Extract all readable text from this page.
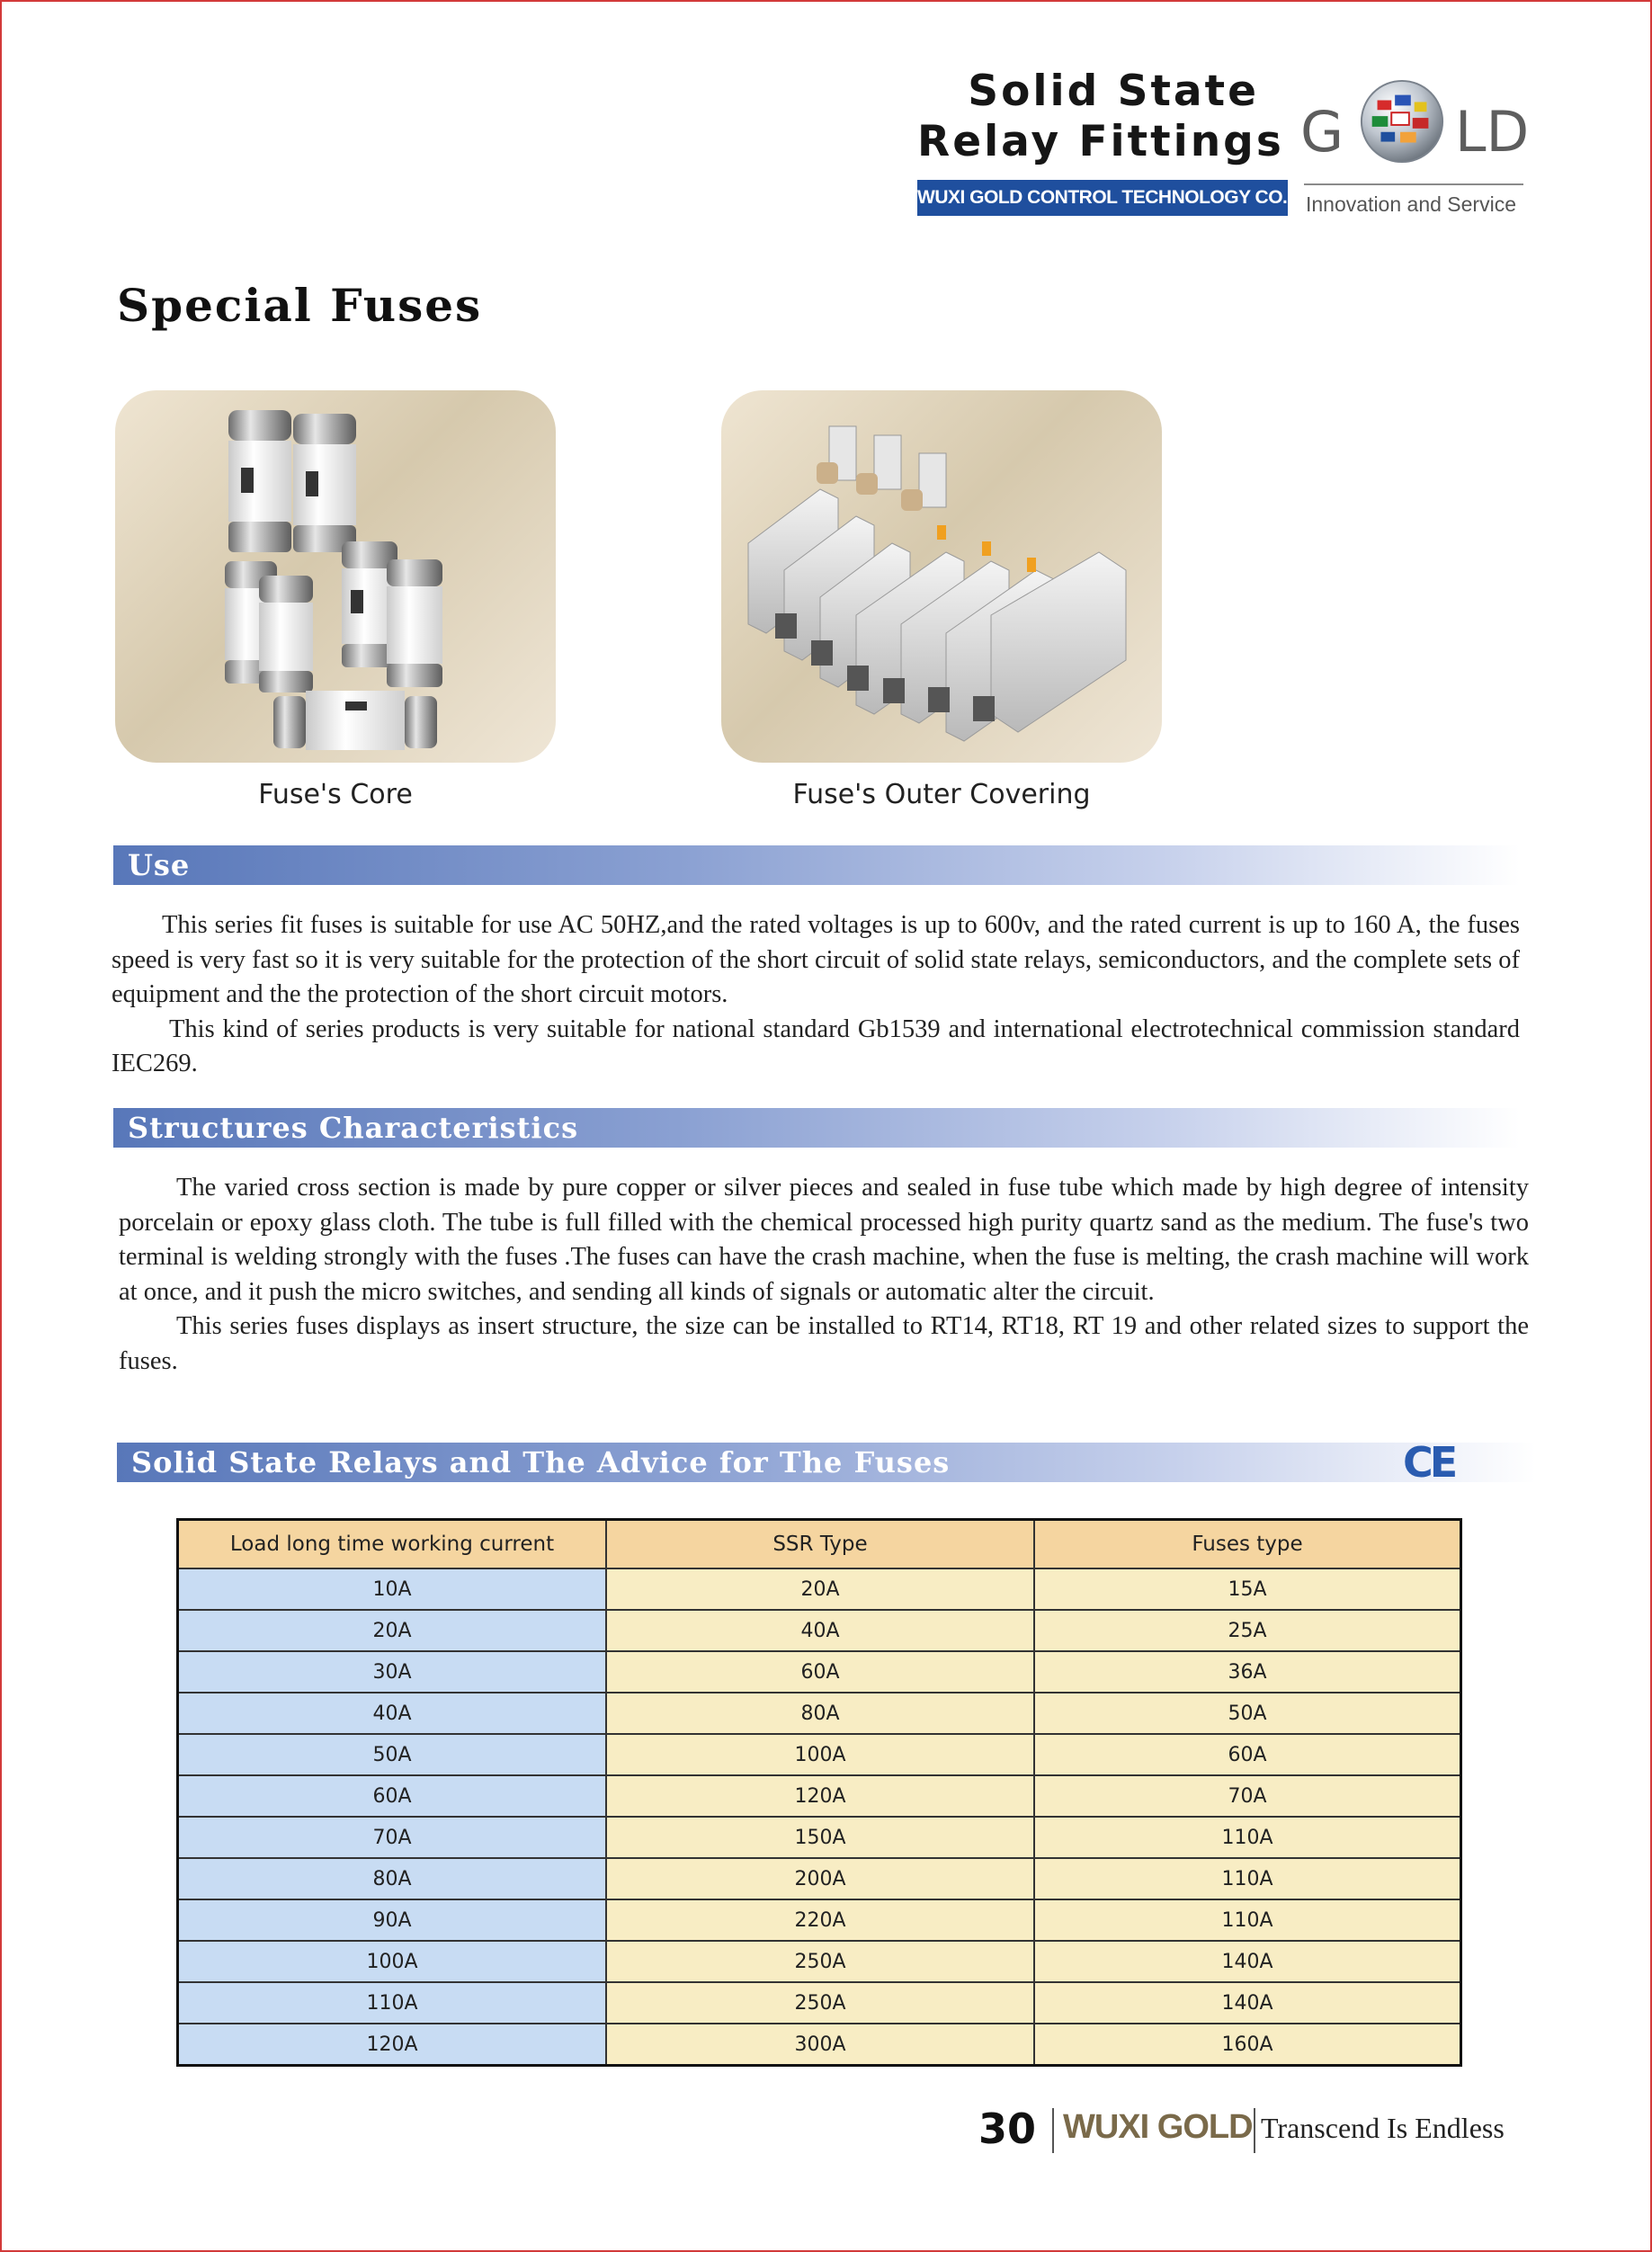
Solid State
Relay Fittings
WUXI GOLD CONTROL TECHNOLOGY CO.,LTD.
G LD
Innovation and Service
Special Fuses
Fuse's Core	Fuse's Outer Covering
Use

This series fit fuses is suitable for use AC 50HZ,and the rated voltages is up to 600v, and the rated current is up to 160 A, the fuses speed is very fast so it is very suitable for the protection of the short circuit of solid state relays, semiconductors, and the complete sets of equipment and the the protection of the short circuit motors.

This kind of series products is very suitable for national standard Gb1539 and international electrotechnical commission standard IEC269.

Structures Characteristics

The varied cross section is made by pure copper or silver pieces and sealed in fuse tube which made by high degree of intensity porcelain or epoxy glass cloth. The tube is full filled with the chemical processed high purity quartz sand as the medium. The fuse's two terminal is welding strongly with the fuses .The fuses can have the crash machine, when the fuse is melting, the crash machine will work at once, and it push the micro switches, and sending all kinds of signals or automatic alter the circuit.

This series fuses displays as insert structure, the size can be installed to RT14, RT18, RT 19 and other related sizes to support the fuses.

Solid State Relays and The Advice for The Fuses	CE
Load long time working current	SSR Type	Fuses type
10A	20A	15A
20A	40A	25A
30A	60A	36A
40A	80A	50A
50A	100A	60A
60A	120A	70A
70A	150A	110A
80A	200A	110A
90A	220A	110A
100A	250A	140A
110A	250A	140A
120A	300A	160A
30 WUXI GOLD Transcend Is Endless
